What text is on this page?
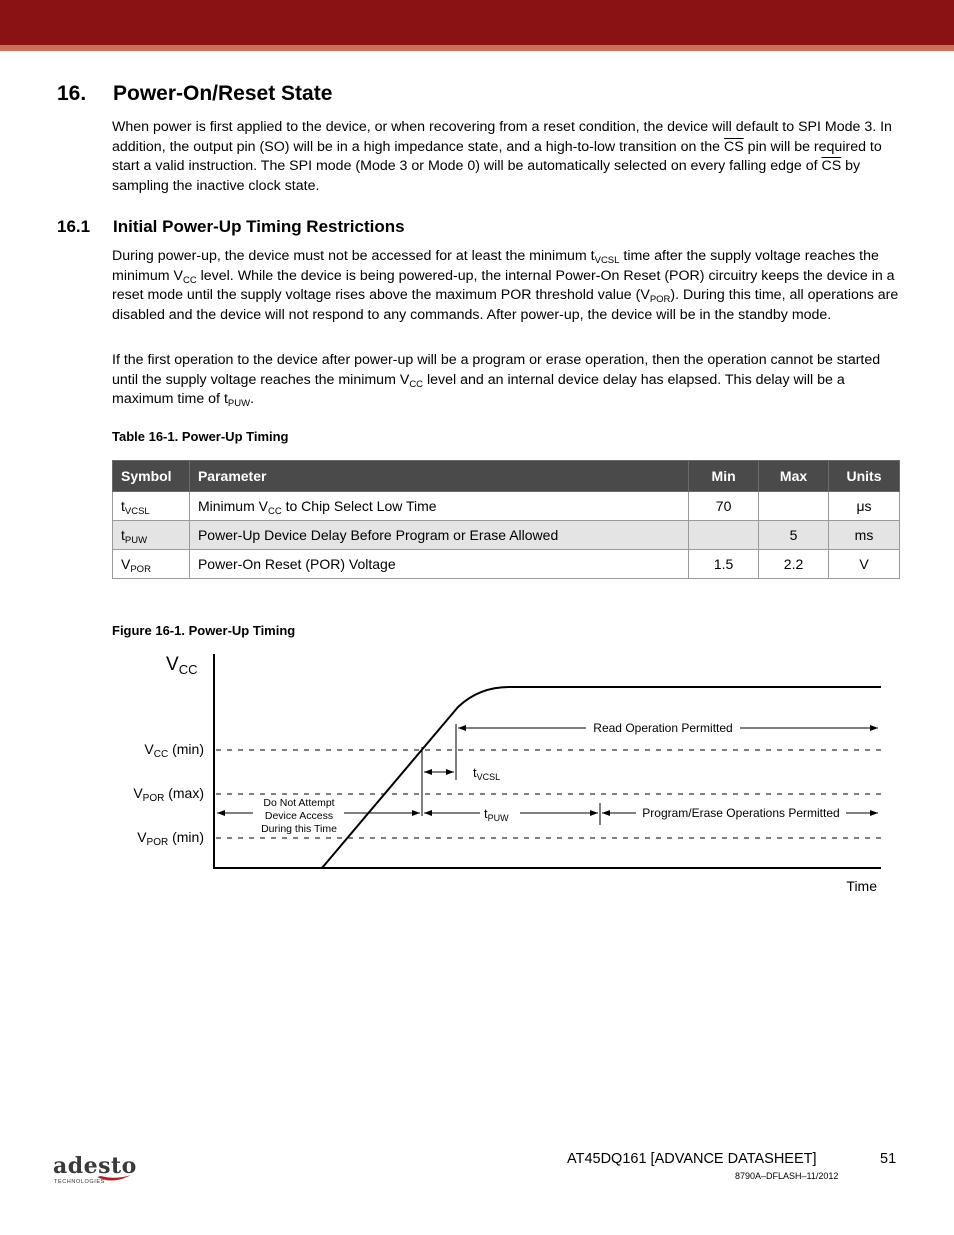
16. Power-On/Reset State

When power is first applied to the device, or when recovering from a reset condition, the device will default to SPI Mode 3. In addition, the output pin (SO) will be in a high impedance state, and a high-to-low transition on the $\overline{CS}$ pin will be required to start a valid instruction. The SPI mode (Mode 3 or Mode 0) will be automatically selected on every falling edge of $\overline{CS}$ by sampling the inactive clock state.

16.1 Initial Power-Up Timing Restrictions

During power-up, the device must not be accessed for at least the minimum $t_{VCSL}$ time after the supply voltage reaches the minimum $V_{CC}$ level. While the device is being powered-up, the internal Power-On Reset (POR) circuitry keeps the device in a reset mode until the supply voltage rises above the maximum POR threshold value $(V_{POR})$. During this time, all operations are disabled and the device will not respond to any commands. After power-up, the device will be in the standby mode.

If the first operation to the device after power-up will be a program or erase operation, then the operation cannot be started until the supply voltage reaches the minimum $V_{CC}$ level and an internal device delay has elapsed. This delay will be a maximum time of $t_{PUW}$.

Table 16-1. Power-Up Timing
Symbol	Parameter	Min	Max	Units
$t_{VCSL}$	Minimum $V_{CC}$ to Chip Select Low Time	70		μs
$t_{PUW}$	Power-Up Device Delay Before Program or Erase Allowed		5	ms
$V_{POR}$	Power-On Reset (POR) Voltage	1.5	2.2	V
Figure 16-1. Power-Up Timing
$V_{CC}$
$V_{CC}$ (min)
$V_{POR}$ (max)
$V_{POR}$ (min)
Time
Read Operation Permitted
$t_{VCSL}$
Do Not Attempt
Device Access
During this Time
$t_{PUW}$	Program/Erase Operations Permitted
adesto
TECHNOLOGIES
AT45DQ161 [ADVANCE DATASHEET]	51
8790A–DFLASH–11/2012
